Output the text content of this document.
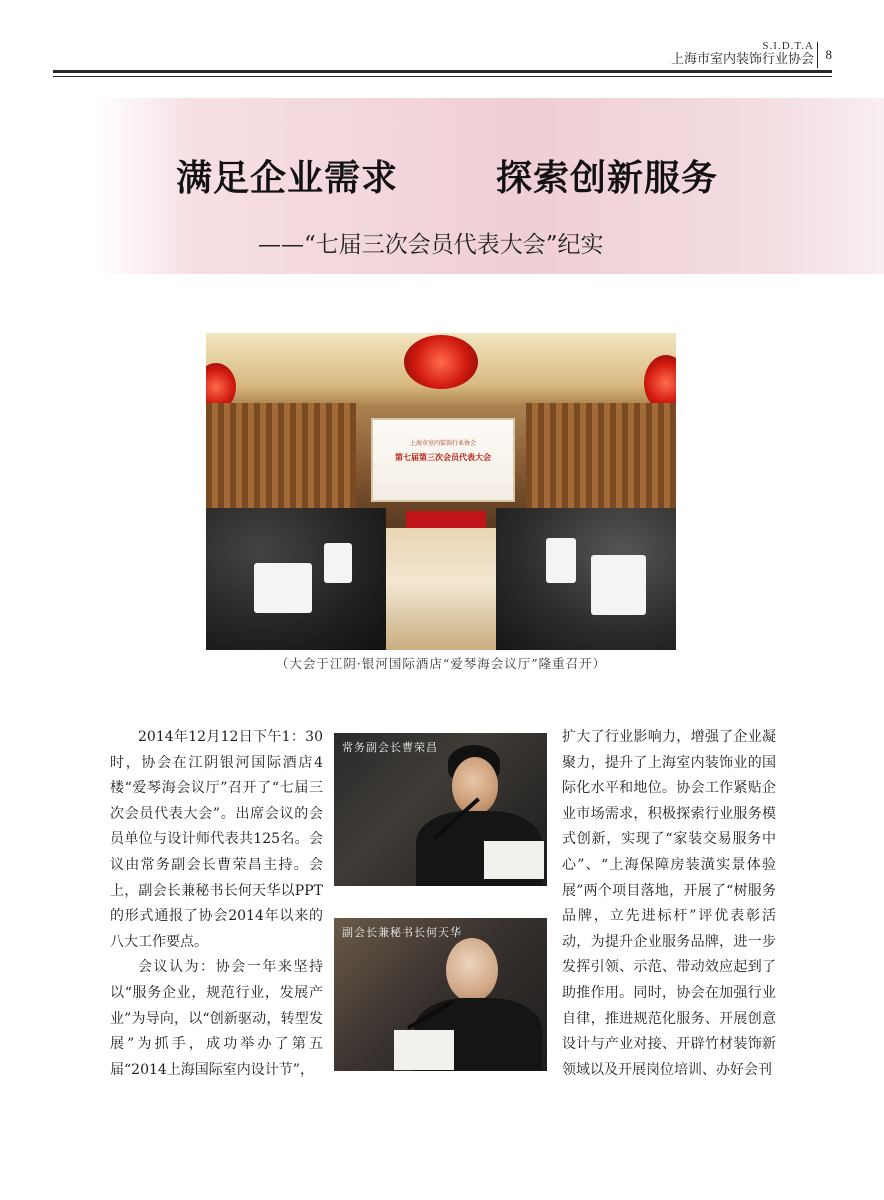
S.I.D.T.A
上海市室内装饰行业协会 8
满足企业需求	探索创新服务
——“七届三次会员代表大会”纪实
上海市室内装饰行业协会
第七届第三次会员代表大会
（大会于江阴·银河国际酒店“爱琴海会议厅”隆重召开）

2014年12月12日下午1：30时，协会在江阴银河国际酒店4楼“爱琴海会议厅”召开了“七届三次会员代表大会”。出席会议的会员单位与设计师代表共125名。会议由常务副会长曹荣昌主持。会上，副会长兼秘书长何天华以PPT的形式通报了协会2014年以来的八大工作要点。

会议认为：协会一年来坚持以“服务企业，规范行业，发展产业”为导向，以“创新驱动，转型发展”为抓手，成功举办了第五届“2014上海国际室内设计节”，

常务副会长曹荣昌
副会长兼秘书长何天华

扩大了行业影响力，增强了企业凝聚力，提升了上海室内装饰业的国际化水平和地位。协会工作紧贴企业市场需求，积极探索行业服务模式创新，实现了“家装交易服务中心”、“上海保障房装潢实景体验展”两个项目落地，开展了“树服务品牌，立先进标杆”评优表彰活动，为提升企业服务品牌，进一步发挥引领、示范、带动效应起到了助推作用。同时，协会在加强行业自律，推进规范化服务、开展创意设计与产业对接、开辟竹材装饰新领域以及开展岗位培训、办好会刊
